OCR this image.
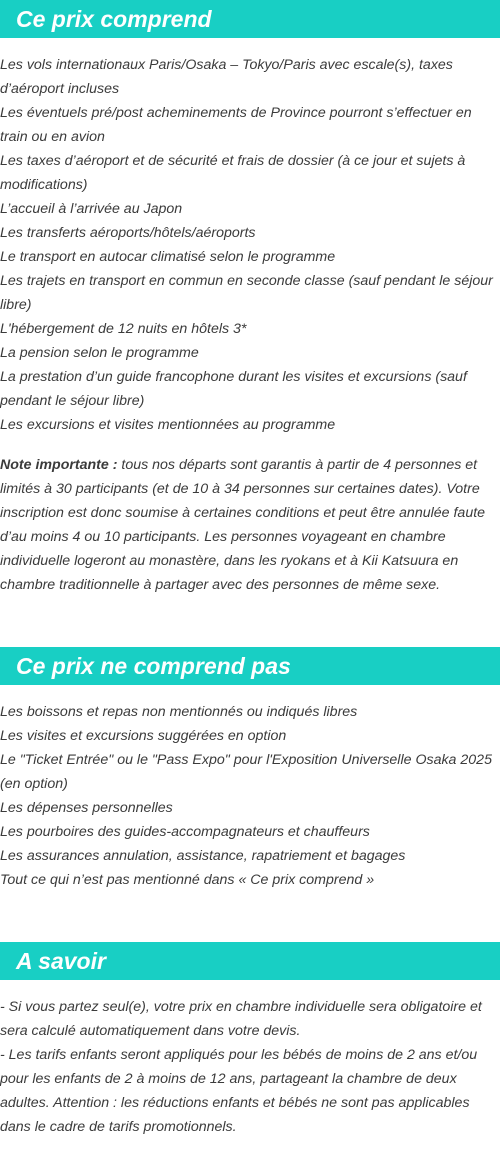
Ce prix comprend
Les vols internationaux Paris/Osaka – Tokyo/Paris avec escale(s), taxes d’aéroport incluses
Les éventuels pré/post acheminements de Province pourront s’effectuer en train ou en avion
Les taxes d’aéroport et de sécurité et frais de dossier (à ce jour et sujets à modifications)
L’accueil à l’arrivée au Japon
Les transferts aéroports/hôtels/aéroports
Le transport en autocar climatisé selon le programme
Les trajets en transport en commun en seconde classe (sauf pendant le séjour libre)
L'hébergement de 12 nuits en hôtels 3*
La pension selon le programme
La prestation d’un guide francophone durant les visites et excursions (sauf pendant le séjour libre)
Les excursions et visites mentionnées au programme
Note importante : tous nos départs sont garantis à partir de 4 personnes et limités à 30 participants (et de 10 à 34 personnes sur certaines dates). Votre inscription est donc soumise à certaines conditions et peut être annulée faute d’au moins 4 ou 10 participants. Les personnes voyageant en chambre individuelle logeront au monastère, dans les ryokans et à Kii Katsuura en chambre traditionnelle à partager avec des personnes de même sexe.
Ce prix ne comprend pas
Les boissons et repas non mentionnés ou indiqués libres
Les visites et excursions suggérées en option
Le "Ticket Entrée" ou le "Pass Expo" pour l'Exposition Universelle Osaka 2025 (en option)
Les dépenses personnelles
Les pourboires des guides-accompagnateurs et chauffeurs
Les assurances annulation, assistance, rapatriement et bagages
Tout ce qui n’est pas mentionné dans « Ce prix comprend »
A savoir
- Si vous partez seul(e), votre prix en chambre individuelle sera obligatoire et sera calculé automatiquement dans votre devis.
- Les tarifs enfants seront appliqués pour les bébés de moins de 2 ans et/ou pour les enfants de 2 à moins de 12 ans, partageant la chambre de deux adultes. Attention : les réductions enfants et bébés ne sont pas applicables dans le cadre de tarifs promotionnels.
